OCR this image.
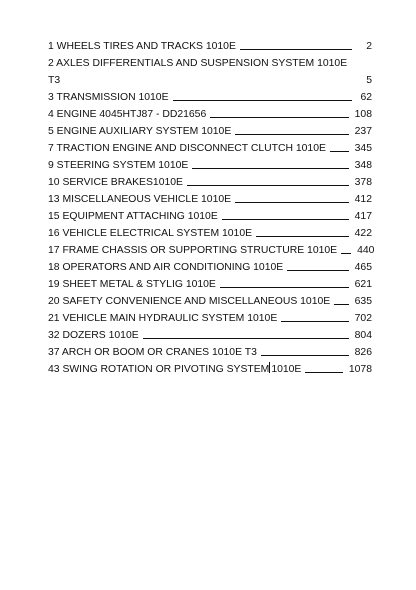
1 WHEELS TIRES AND TRACKS 1010E	2
2 AXLES DIFFERENTIALS AND SUSPENSION SYSTEM 1010E
T3	5
3 TRANSMISSION 1010E	62
4 ENGINE 4045HTJ87 - DD21656	108
5 ENGINE AUXILIARY SYSTEM 1010E	237
7 TRACTION ENGINE AND DISCONNECT CLUTCH 1010E	345
9 STEERING SYSTEM 1010E	348
10 SERVICE BRAKES1010E	378
13 MISCELLANEOUS VEHICLE 1010E	412
15 EQUIPMENT ATTACHING 1010E	417
16 VEHICLE ELECTRICAL SYSTEM 1010E	422
17 FRAME CHASSIS OR SUPPORTING STRUCTURE 1010E 440
18 OPERATORS AND AIR CONDITIONING 1010E	465
19 SHEET METAL & STYLIG 1010E	621
20 SAFETY CONVENIENCE AND MISCELLANEOUS 1010E 635
21 VEHICLE MAIN HYDRAULIC SYSTEM 1010E	702
32 DOZERS 1010E	804
37 ARCH OR BOOM OR CRANES 1010E T3	826
43 SWING ROTATION OR PIVOTING SYSTEM 1010E	1078
